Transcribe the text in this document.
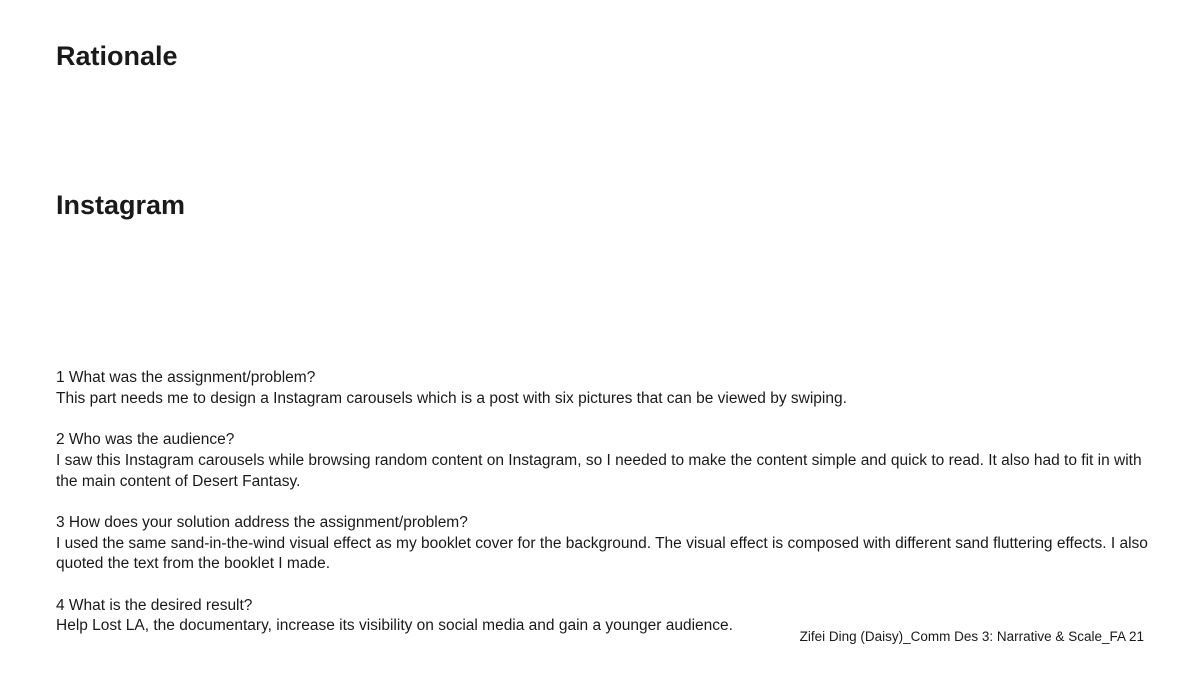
Rationale
Instagram

1 What was the assignment/problem?

This part needs me to design a Instagram carousels which is a post with six pictures that can be viewed by swiping.

2 Who was the audience?

I saw this Instagram carousels while browsing random content on Instagram, so I needed to make the content simple and quick to read. It also had to fit in with the main content of Desert Fantasy.

3 How does your solution address the assignment/problem?

I used the same sand-in-the-wind visual effect as my booklet cover for the background. The visual effect is composed with different sand fluttering effects. I also quoted the text from the booklet I made.

4 What is the desired result?

Help Lost LA, the documentary, increase its visibility on social media and gain a younger audience.

Zifei Ding (Daisy)_Comm Des 3: Narrative & Scale_FA 21
